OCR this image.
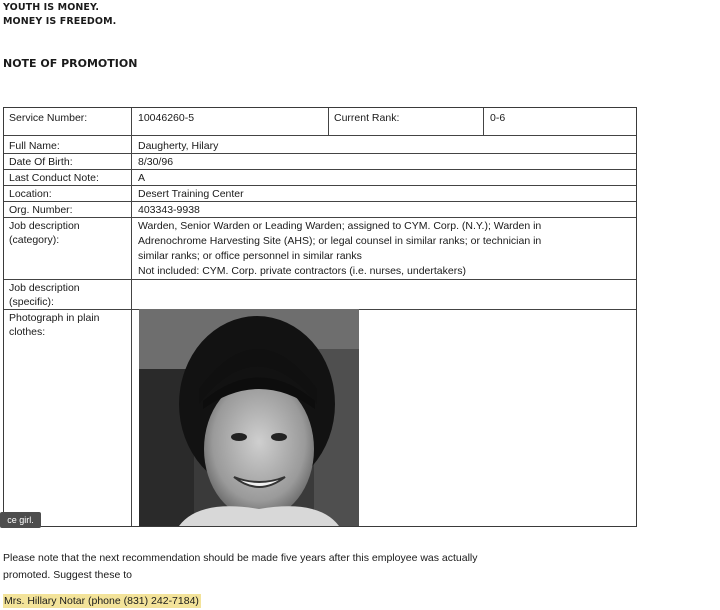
YOUTH IS MONEY.
MONEY IS FREEDOM.
NOTE OF PROMOTION
Service Number:	10046260-5	Current Rank:	0-6
Full Name:	Daugherty, Hilary
Date Of Birth:	8/30/96
Last Conduct Note:	A
Location:	Desert Training Center
Org. Number:	403343-9938
Job description (category):
Warden, Senior Warden or Leading Warden; assigned to CYM. Corp. (N.Y.); Warden in
Adrenochrome Harvesting Site (AHS); or legal counsel in similar ranks; or technician in
similar ranks; or office personnel in similar ranks
Not included: CYM. Corp. private contractors (i.e. nurses, undertakers)
Job description (specific):
Photograph in plain clothes:
ce girl.
Please note that the next recommendation should be made five years after this employee was actually
promoted. Suggest these to
Mrs. Hillary Notar (phone (831) 242-7184)
